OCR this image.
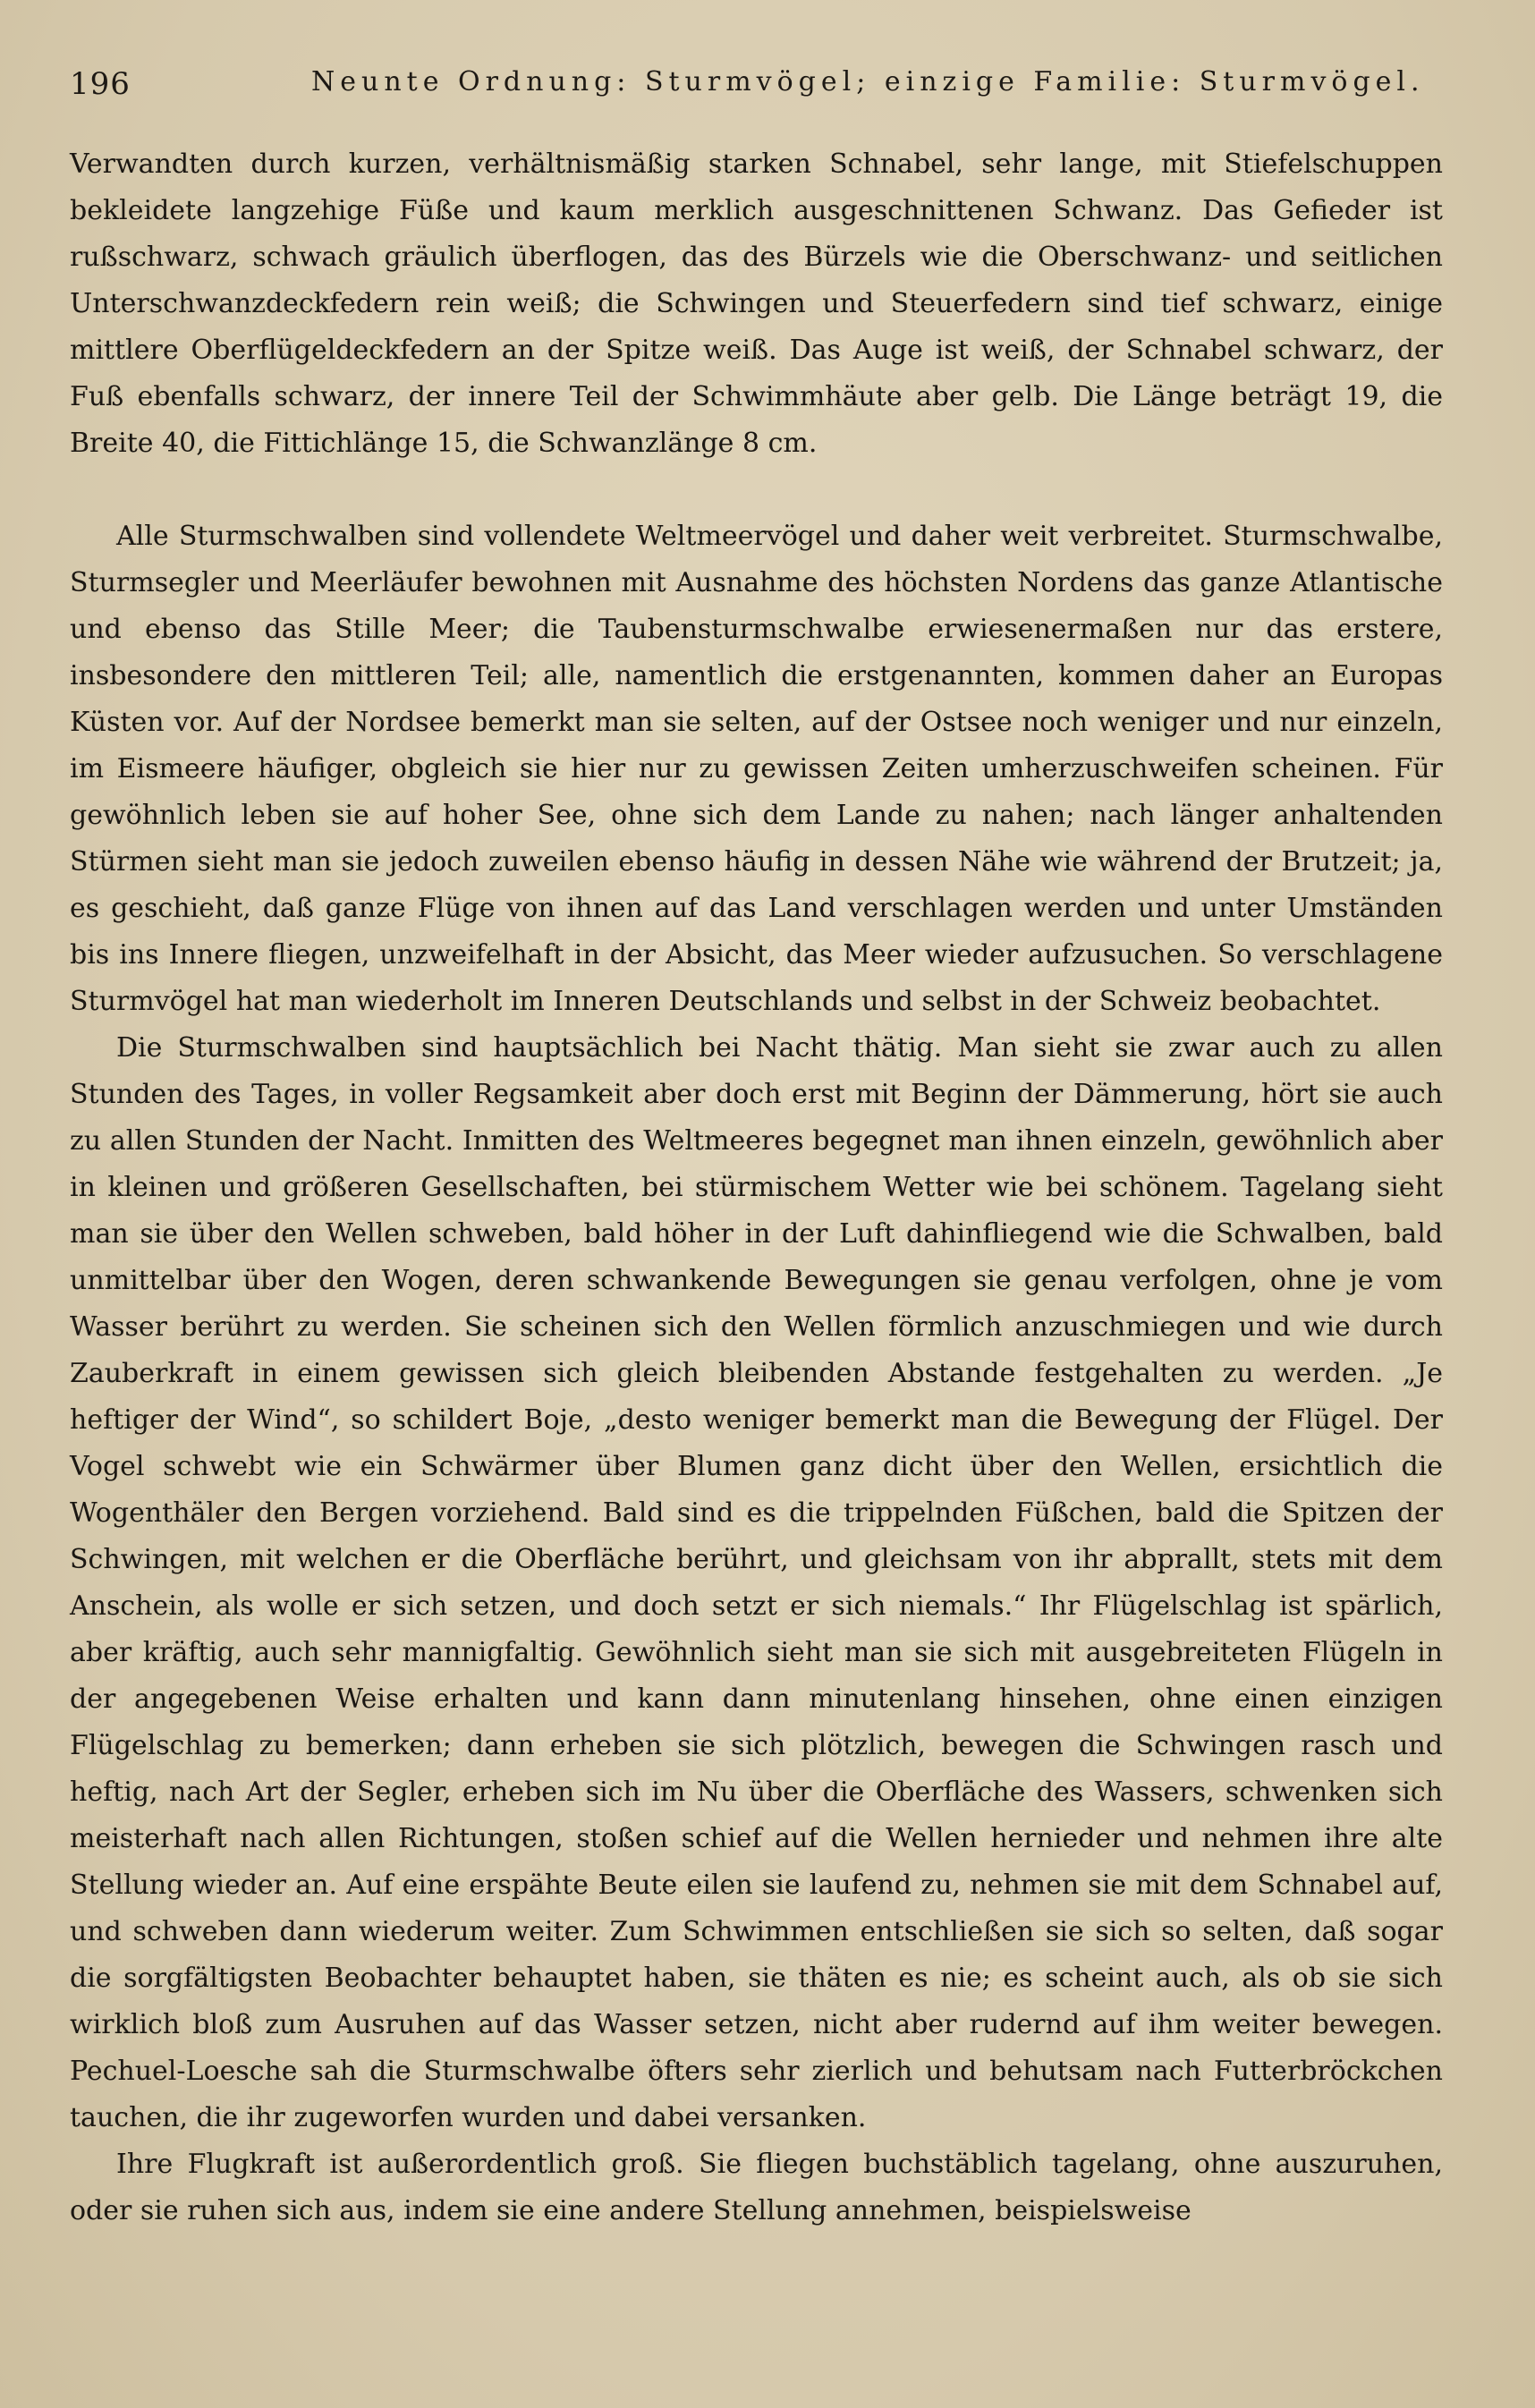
196	Neunte Ordnung: Sturmvögel; einzige Familie: Sturmvögel.

Verwandten durch kurzen, verhältnismäßig starken Schnabel, sehr lange, mit Stiefelschuppen bekleidete langzehige Füße und kaum merklich ausgeschnittenen Schwanz. Das Gefieder ist rußschwarz, schwach gräulich überflogen, das des Bürzels wie die Oberschwanz- und seitlichen Unterschwanzdeckfedern rein weiß; die Schwingen und Steuerfedern sind tief schwarz, einige mittlere Oberflügeldeckfedern an der Spitze weiß. Das Auge ist weiß, der Schnabel schwarz, der Fuß ebenfalls schwarz, der innere Teil der Schwimmhäute aber gelb. Die Länge beträgt 19, die Breite 40, die Fittichlänge 15, die Schwanzlänge 8 cm.

Alle Sturmschwalben sind vollendete Weltmeervögel und daher weit verbreitet. Sturmschwalbe, Sturmsegler und Meerläufer bewohnen mit Ausnahme des höchsten Nordens das ganze Atlantische und ebenso das Stille Meer; die Taubensturmschwalbe erwiesenermaßen nur das erstere, insbesondere den mittleren Teil; alle, namentlich die erstgenannten, kommen daher an Europas Küsten vor. Auf der Nordsee bemerkt man sie selten, auf der Ostsee noch weniger und nur einzeln, im Eismeere häufiger, obgleich sie hier nur zu gewissen Zeiten umherzuschweifen scheinen. Für gewöhnlich leben sie auf hoher See, ohne sich dem Lande zu nahen; nach länger anhaltenden Stürmen sieht man sie jedoch zuweilen ebenso häufig in dessen Nähe wie während der Brutzeit; ja, es geschieht, daß ganze Flüge von ihnen auf das Land verschlagen werden und unter Umständen bis ins Innere fliegen, unzweifelhaft in der Absicht, das Meer wieder aufzusuchen. So verschlagene Sturmvögel hat man wiederholt im Inneren Deutschlands und selbst in der Schweiz beobachtet.

Die Sturmschwalben sind hauptsächlich bei Nacht thätig. Man sieht sie zwar auch zu allen Stunden des Tages, in voller Regsamkeit aber doch erst mit Beginn der Dämmerung, hört sie auch zu allen Stunden der Nacht. Inmitten des Weltmeeres begegnet man ihnen einzeln, gewöhnlich aber in kleinen und größeren Gesellschaften, bei stürmischem Wetter wie bei schönem. Tagelang sieht man sie über den Wellen schweben, bald höher in der Luft dahinfliegend wie die Schwalben, bald unmittelbar über den Wogen, deren schwankende Bewegungen sie genau verfolgen, ohne je vom Wasser berührt zu werden. Sie scheinen sich den Wellen förmlich anzuschmiegen und wie durch Zauberkraft in einem gewissen sich gleich bleibenden Abstande festgehalten zu werden. „Je heftiger der Wind“, so schildert Boje, „desto weniger bemerkt man die Bewegung der Flügel. Der Vogel schwebt wie ein Schwärmer über Blumen ganz dicht über den Wellen, ersichtlich die Wogenthäler den Bergen vorziehend. Bald sind es die trippelnden Füßchen, bald die Spitzen der Schwingen, mit welchen er die Oberfläche berührt, und gleichsam von ihr abprallt, stets mit dem Anschein, als wolle er sich setzen, und doch setzt er sich niemals.“ Ihr Flügelschlag ist spärlich, aber kräftig, auch sehr mannigfaltig. Gewöhnlich sieht man sie sich mit ausgebreiteten Flügeln in der angegebenen Weise erhalten und kann dann minutenlang hinsehen, ohne einen einzigen Flügelschlag zu bemerken; dann erheben sie sich plötzlich, bewegen die Schwingen rasch und heftig, nach Art der Segler, erheben sich im Nu über die Oberfläche des Wassers, schwenken sich meisterhaft nach allen Richtungen, stoßen schief auf die Wellen hernieder und nehmen ihre alte Stellung wieder an. Auf eine erspähte Beute eilen sie laufend zu, nehmen sie mit dem Schnabel auf, und schweben dann wiederum weiter. Zum Schwimmen entschließen sie sich so selten, daß sogar die sorgfältigsten Beobachter behauptet haben, sie thäten es nie; es scheint auch, als ob sie sich wirklich bloß zum Ausruhen auf das Wasser setzen, nicht aber rudernd auf ihm weiter bewegen. Pechuel-Loesche sah die Sturmschwalbe öfters sehr zierlich und behutsam nach Futterbröckchen tauchen, die ihr zugeworfen wurden und dabei versanken.

Ihre Flugkraft ist außerordentlich groß. Sie fliegen buchstäblich tagelang, ohne auszuruhen, oder sie ruhen sich aus, indem sie eine andere Stellung annehmen, beispielsweise
